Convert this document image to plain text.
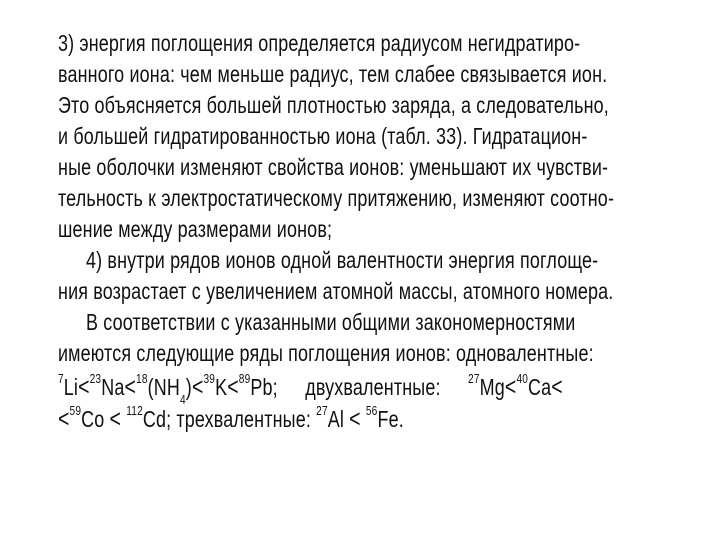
3) энергия поглощения определяется радиусом негидратиро-
ванного иона: чем меньше радиус, тем слабее связывается ион.
Это объясняется большей плотностью заряда, а следовательно,
и большей гидратированностью иона (табл. 33). Гидратацион-
ные оболочки изменяют свойства ионов: уменьшают их чувстви-
тельность к электростатическому притяжению, изменяют соотно-
шение между размерами ионов;
4) внутри рядов ионов одной валентности энергия поглоще-
ния возрастает с увеличением атомной массы, атомного номера.
В соответствии с указанными общими закономерностями
имеются следующие ряды поглощения ионов: одновалентные:
$^7Li<^{23}Na<^{18}(NH_4)<^{39}K<^{89}Pb$; двухвалентные: $^{27}$Mg<$^{40}$Ca<
<$^{59}$Co < $^{112}$Cd; трехвалентные: $^{27}$Al < $^{56}$Fe.
